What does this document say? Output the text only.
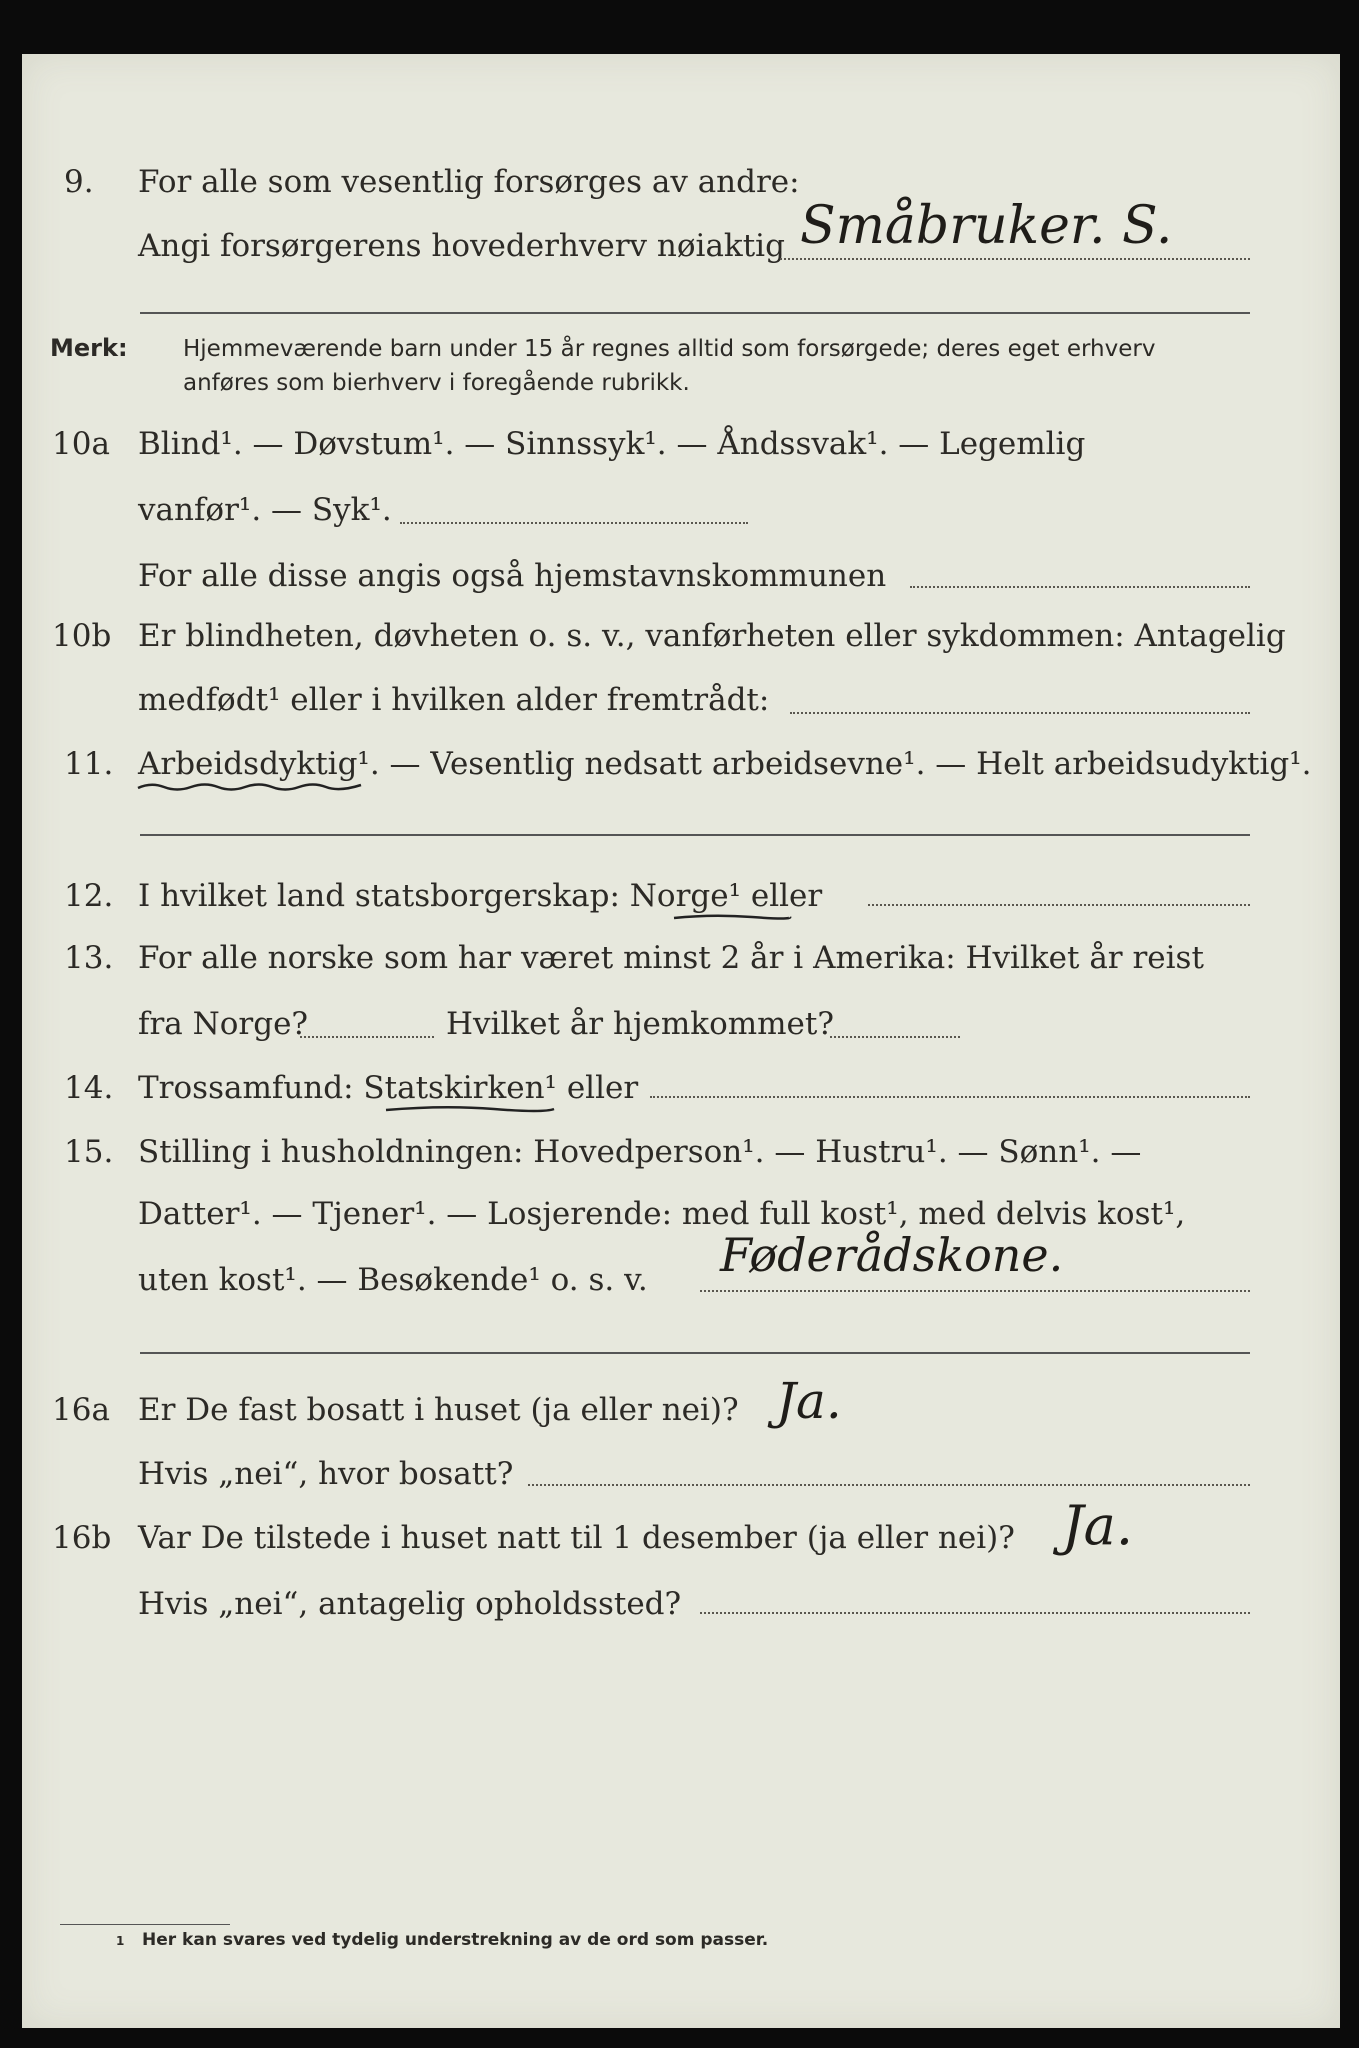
9. For alle som vesentlig forsørges av andre:
Angi forsørgerens hovederhverv nøiaktig Småbruker. S.
Merk: Hjemmeværende barn under 15 år regnes alltid som forsørgede; deres eget erhverv
anføres som bierhverv i foregående rubrikk.
10a Blind¹. — Døvstum¹. — Sinnssyk¹. — Åndssvak¹. — Legemlig
vanfør¹. — Syk¹.
For alle disse angis også hjemstavnskommunen
10b Er blindheten, døvheten o. s. v., vanførheten eller sykdommen: Antagelig
medfødt¹ eller i hvilken alder fremtrådt:
11. Arbeidsdyktig¹. — Vesentlig nedsatt arbeidsevne¹. — Helt arbeidsudyktig¹.
12. I hvilket land statsborgerskap: Norge¹ eller
13. For alle norske som har været minst 2 år i Amerika: Hvilket år reist
fra Norge?	Hvilket år hjemkommet?
14. Trossamfund: Statskirken¹ eller
15. Stilling i husholdningen: Hovedperson¹. — Hustru¹. — Sønn¹. —
Datter¹. — Tjener¹. — Losjerende: med full kost¹, med delvis kost¹,
uten kost¹. — Besøkende¹ o. s. v. Føderådskone.
16a Er De fast bosatt i huset (ja eller nei)? Ja.
Hvis „nei“, hvor bosatt?
16b Var De tilstede i huset natt til 1 desember (ja eller nei)? Ja.
Hvis „nei“, antagelig opholdssted?
1 Her kan svares ved tydelig understrekning av de ord som passer.
